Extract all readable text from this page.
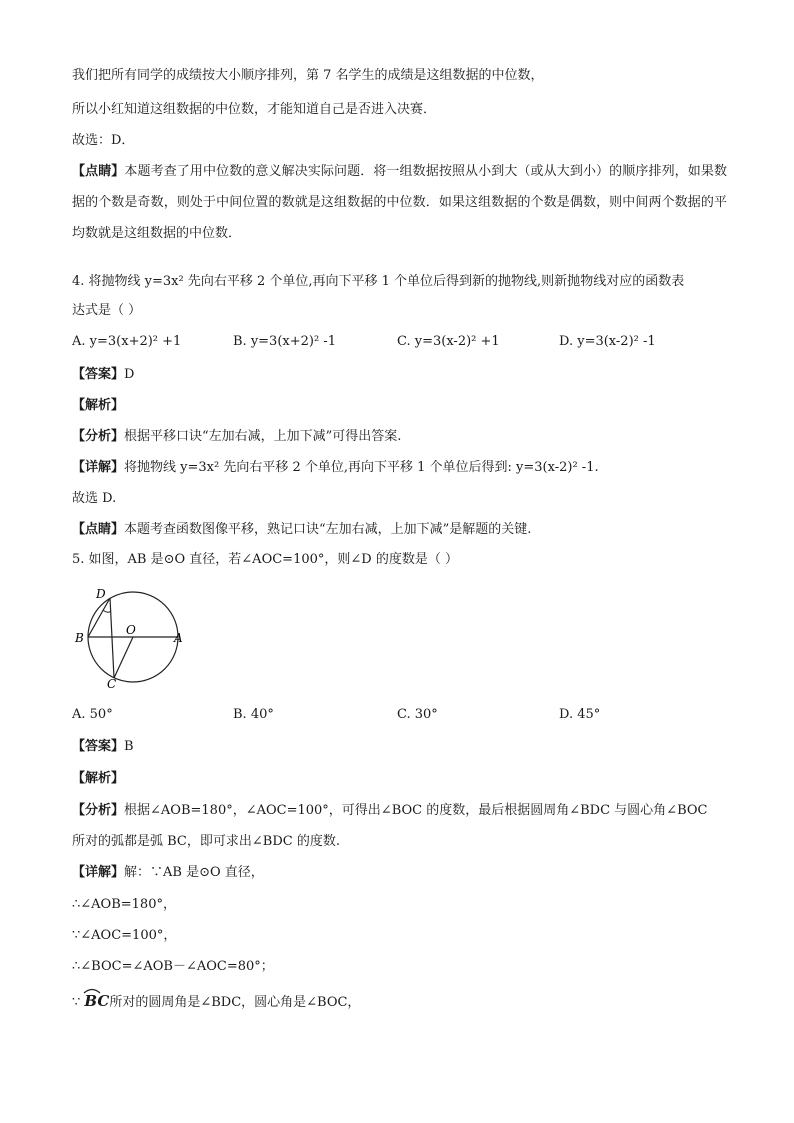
我们把所有同学的成绩按大小顺序排列，第 7 名学生的成绩是这组数据的中位数，
所以小红知道这组数据的中位数，才能知道自己是否进入决赛．
故选：D．
【点睛】本题考查了用中位数的意义解决实际问题．将一组数据按照从小到大（或从大到小）的顺序排列，如果数据的个数是奇数，则处于中间位置的数就是这组数据的中位数．如果这组数据的个数是偶数，则中间两个数据的平均数就是这组数据的中位数．
4. 将抛物线 y=3x² 先向右平移 2 个单位,再向下平移 1 个单位后得到新的抛物线,则新抛物线对应的函数表
达式是（ ）
A. y=3(x+2)² +1	B. y=3(x+2)² -1	C. y=3(x-2)² +1	D. y=3(x-2)² -1
【答案】D
【解析】
【分析】根据平移口诀“左加右减，上加下减”可得出答案.
【详解】将抛物线 y=3x² 先向右平移 2 个单位,再向下平移 1 个单位后得到: y=3(x-2)² -1.
故选 D.
【点睛】本题考查函数图像平移，熟记口诀“左加右减，上加下减”是解题的关键.
5. 如图，AB 是⊙O 直径，若∠AOC=100°，则∠D 的度数是（ ）
D
B
O
A
C
A. 50°	B. 40°	C. 30°	D. 45°
【答案】B
【解析】
【分析】根据∠AOB=180°，∠AOC=100°，可得出∠BOC 的度数，最后根据圆周角∠BDC 与圆心角∠BOC
所对的弧都是弧 BC，即可求出∠BDC 的度数.
【详解】解：∵AB 是⊙O 直径，
∴∠AOB=180°，
∵∠AOC=100°，
∴∠BOC=∠AOB－∠AOC=80°；
∵ BC所对的圆周角是∠BDC，圆心角是∠BOC，
